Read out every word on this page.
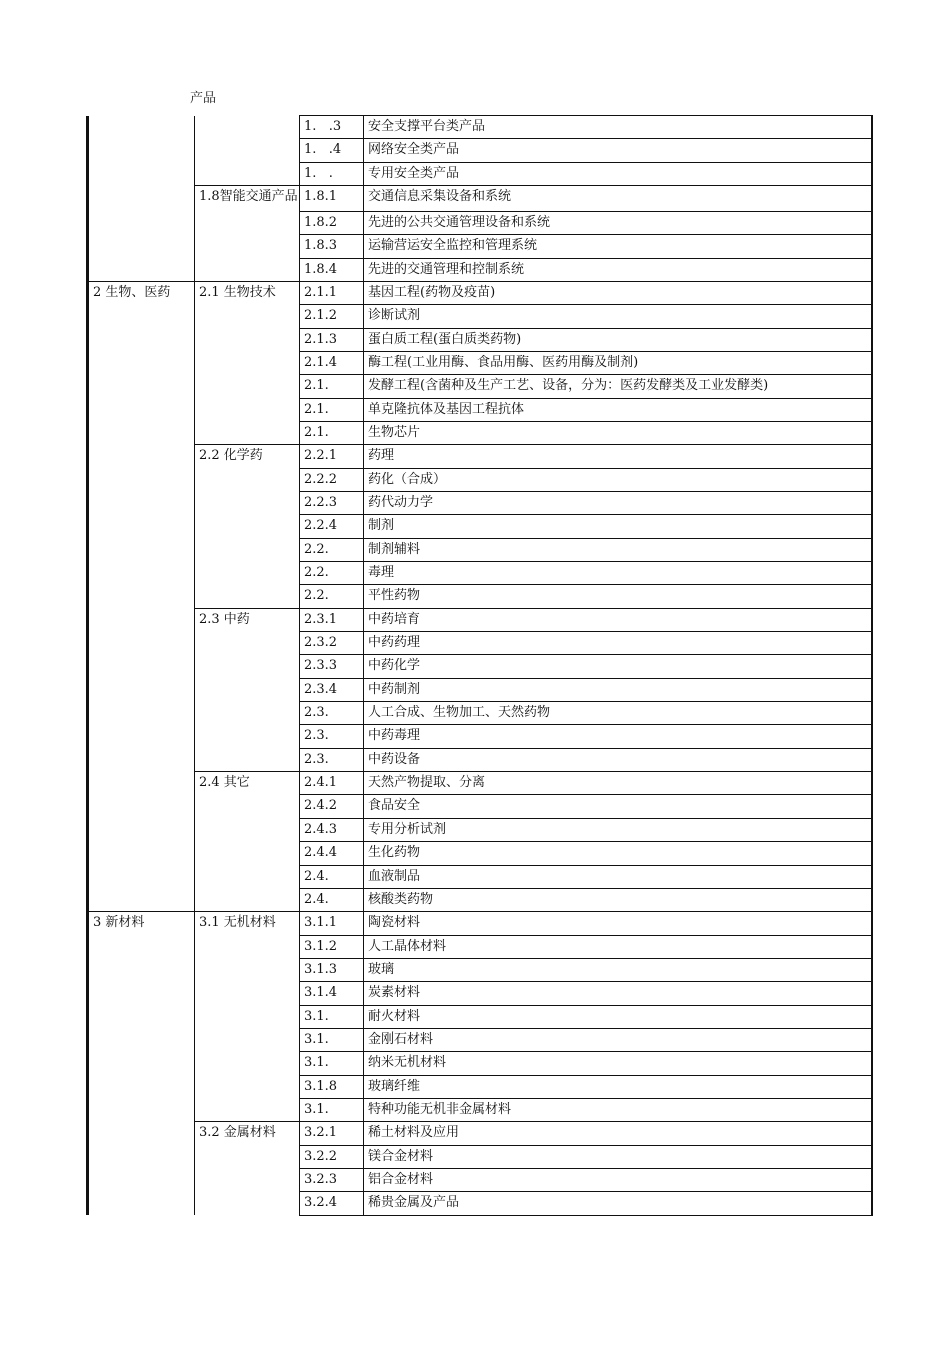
产品
		1.   .3	安全支撑平台类产品
		1.   .4	网络安全类产品
		1.   .	专用安全类产品
	1.8智能交通产品	1.8.1	交通信息采集设备和系统
		1.8.2	先进的公共交通管理设备和系统
		1.8.3	运输营运安全监控和管理系统
		1.8.4	先进的交通管理和控制系统
2 生物、医药	2.1 生物技术	2.1.1	基因工程(药物及疫苗)
		2.1.2	诊断试剂
		2.1.3	蛋白质工程(蛋白质类药物)
		2.1.4	酶工程(工业用酶、食品用酶、医药用酶及制剂)
		2.1.	发酵工程(含菌种及生产工艺、设备，分为：医药发酵类及工业发酵类)
		2.1.	单克隆抗体及基因工程抗体
		2.1.	生物芯片
	2.2 化学药	2.2.1	药理
		2.2.2	药化（合成）
		2.2.3	药代动力学
		2.2.4	制剂
		2.2.	制剂辅料
		2.2.	毒理
		2.2.	平性药物
	2.3 中药	2.3.1	中药培育
		2.3.2	中药药理
		2.3.3	中药化学
		2.3.4	中药制剂
		2.3.	人工合成、生物加工、天然药物
		2.3.	中药毒理
		2.3.	中药设备
	2.4 其它	2.4.1	天然产物提取、分离
		2.4.2	食品安全
		2.4.3	专用分析试剂
		2.4.4	生化药物
		2.4.	血液制品
		2.4.	核酸类药物
3 新材料	3.1 无机材料	3.1.1	陶瓷材料
		3.1.2	人工晶体材料
		3.1.3	玻璃
		3.1.4	炭素材料
		3.1.	耐火材料
		3.1.	金刚石材料
		3.1.	纳米无机材料
		3.1.8	玻璃纤维
		3.1.	特种功能无机非金属材料
	3.2 金属材料	3.2.1	稀土材料及应用
		3.2.2	镁合金材料
		3.2.3	铝合金材料
		3.2.4	稀贵金属及产品
